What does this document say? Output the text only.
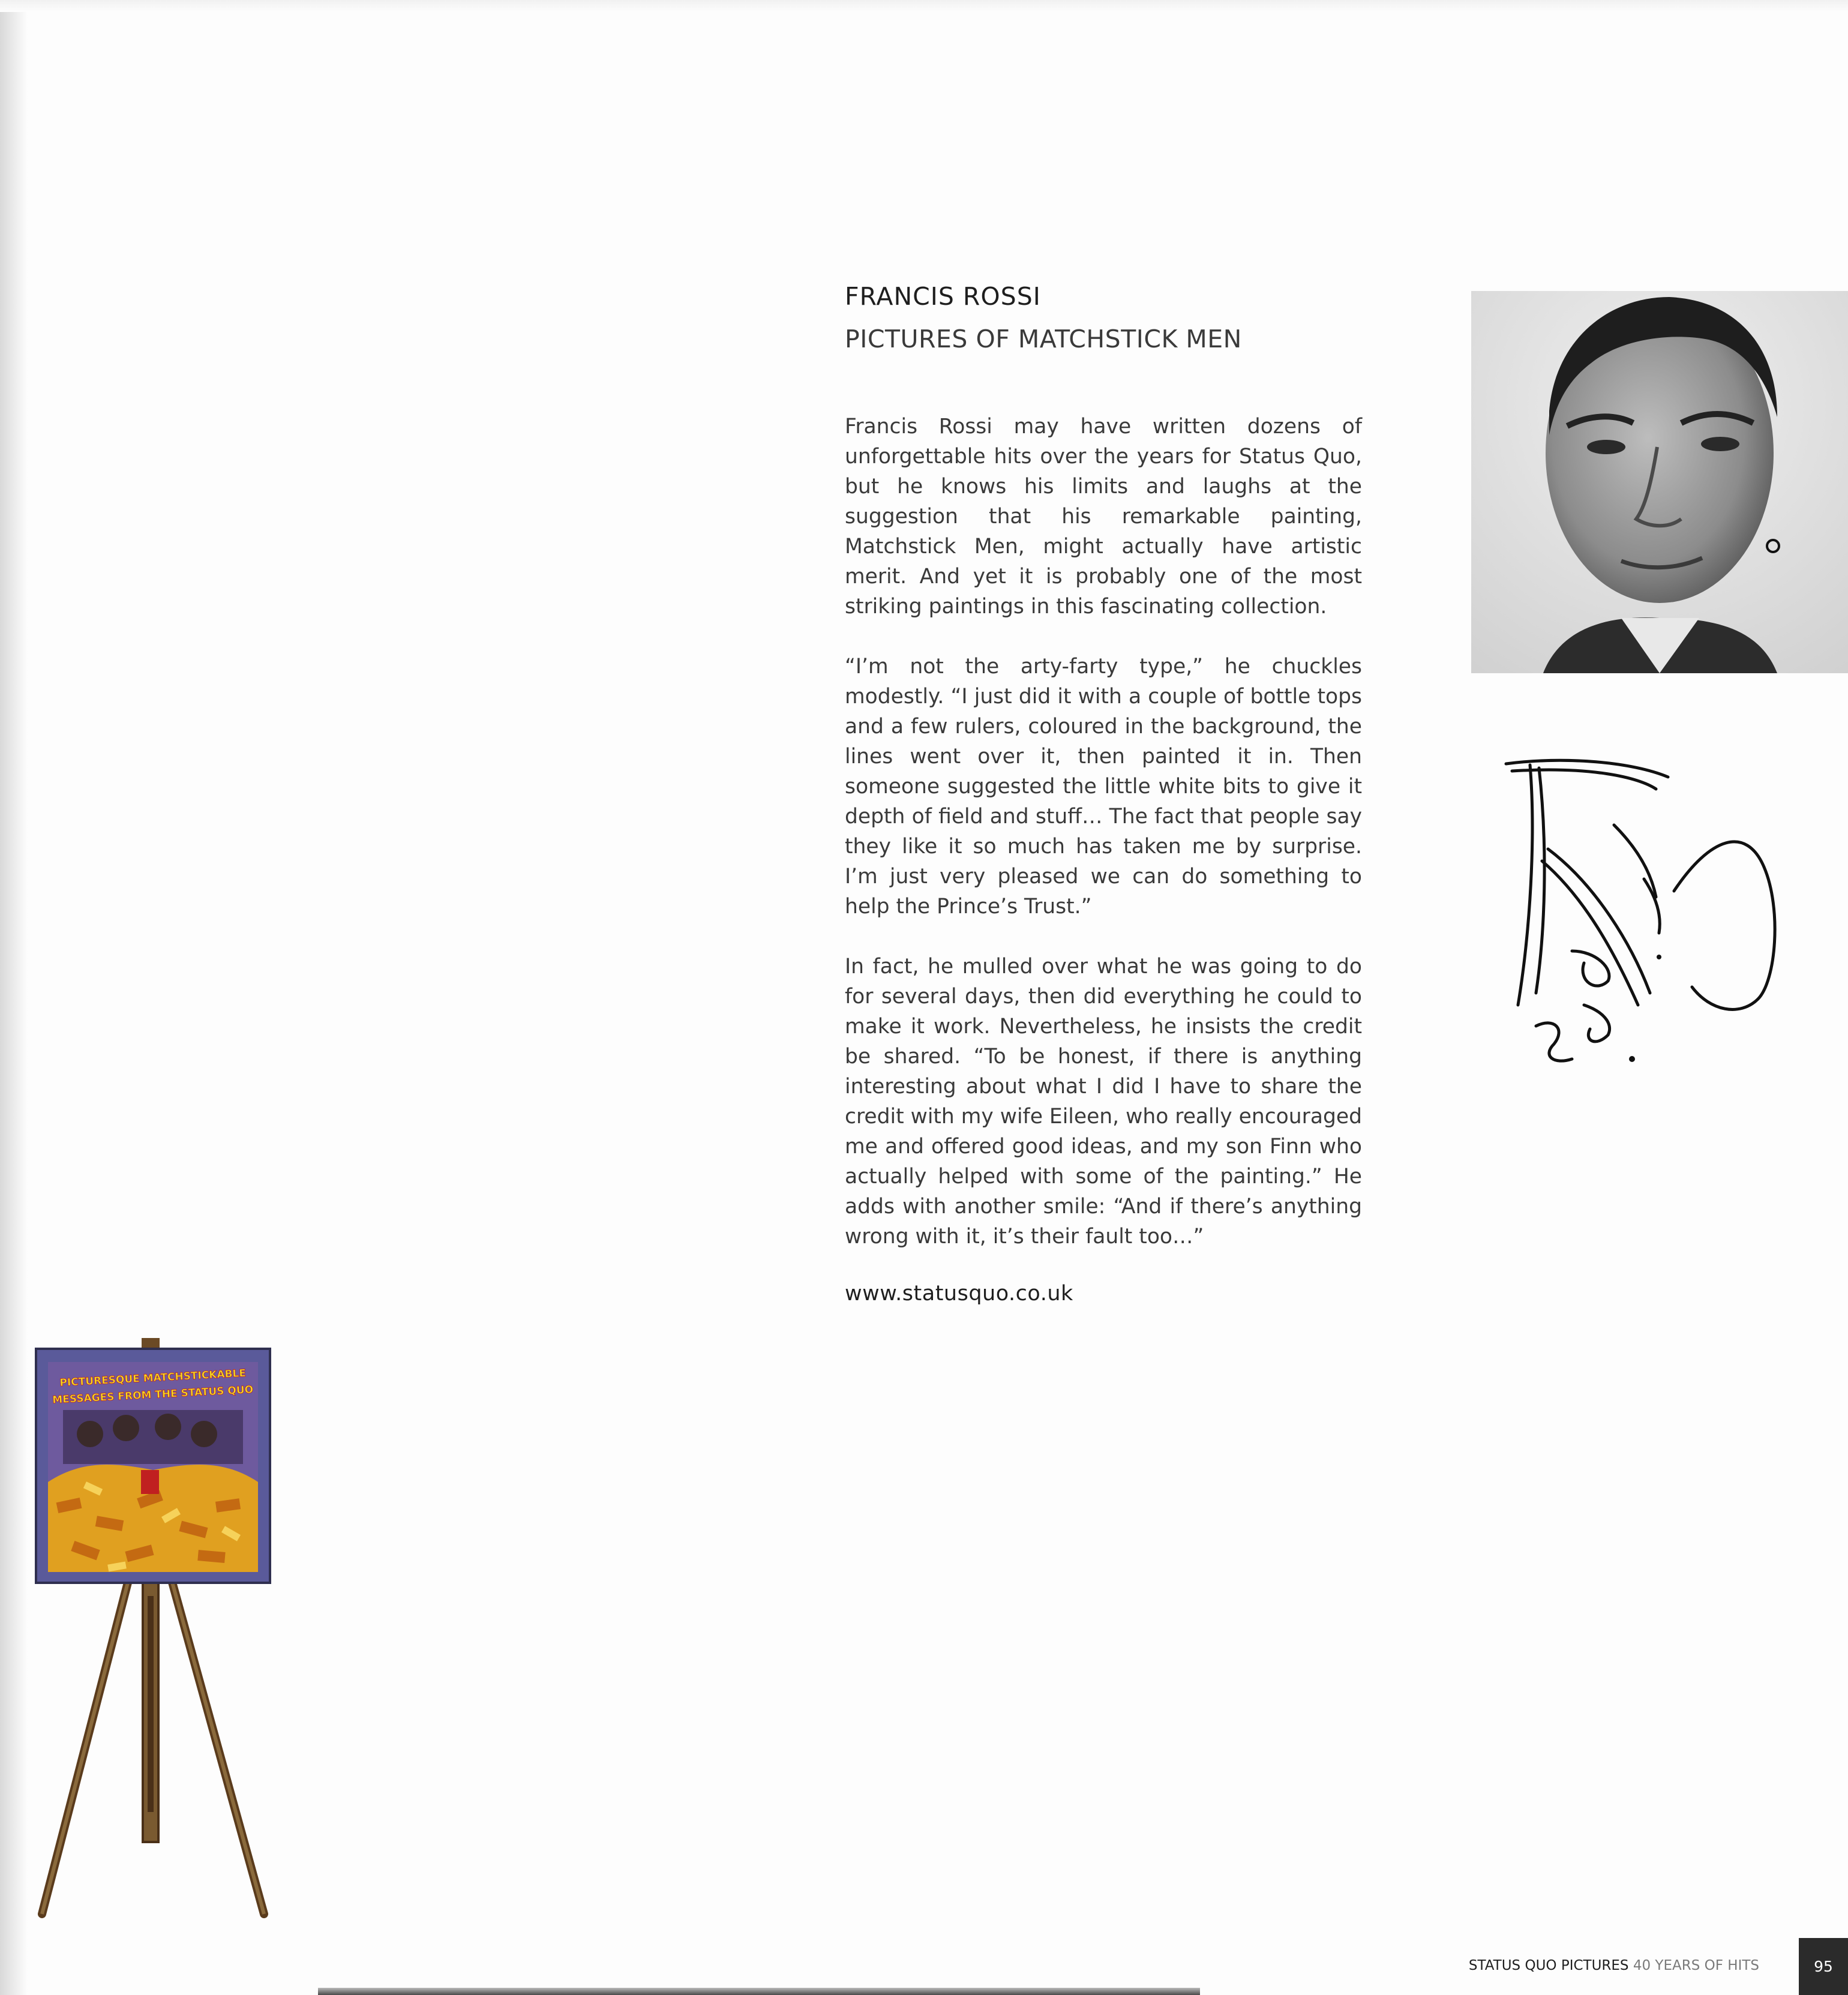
FRANCIS ROSSI
PICTURES OF MATCHSTICK MEN

Francis Rossi may have written dozens of unforgettable hits over the years for Status Quo, but he knows his limits and laughs at the suggestion that his remarkable painting, Matchstick Men, might actually have artistic merit. And yet it is probably one of the most striking paintings in this fascinating collection.

“I’m not the arty-farty type,” he chuckles modestly. “I just did it with a couple of bottle tops and a few rulers, coloured in the background, the lines went over it, then painted it in. Then someone suggested the little white bits to give it depth of field and stuff… The fact that people say they like it so much has taken me by surprise. I’m just very pleased we can do something to help the Prince’s Trust.”

In fact, he mulled over what he was going to do for several days, then did everything he could to make it work. Nevertheless, he insists the credit be shared. “To be honest, if there is anything interesting about what I did I have to share the credit with my wife Eileen, who really encouraged me and offered good ideas, and my son Finn who actually helped with some of the painting.” He adds with another smile: “And if there’s anything wrong with it, it’s their fault too…”

www.statusquo.co.uk
PICTURESQUE MATCHSTICKABLE
MESSAGES FROM THE STATUS QUO
STATUS QUO PICTURES 40 YEARS OF HITS	95
